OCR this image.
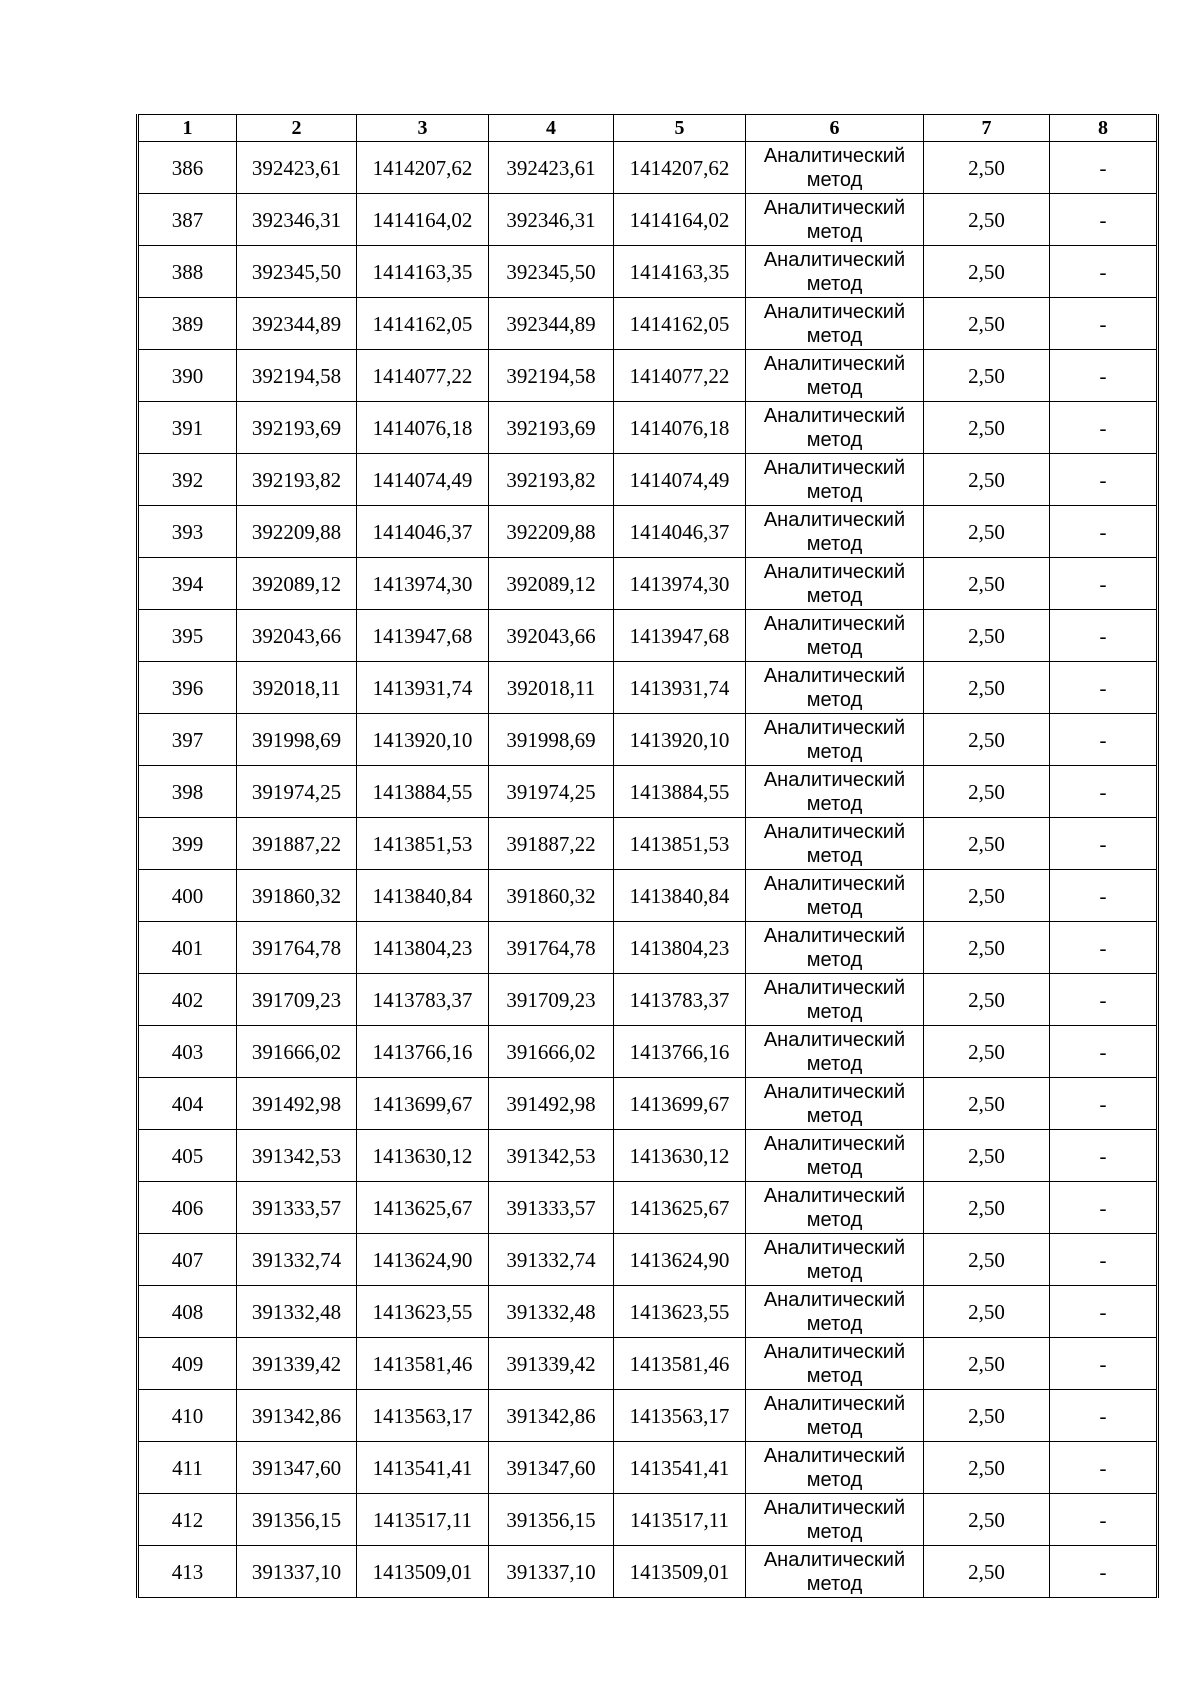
1	2	3	4	5	6	7	8
386	392423,61	1414207,62	392423,61	1414207,62	Аналитический
метод	2,50	-
387	392346,31	1414164,02	392346,31	1414164,02	Аналитический
метод	2,50	-
388	392345,50	1414163,35	392345,50	1414163,35	Аналитический
метод	2,50	-
389	392344,89	1414162,05	392344,89	1414162,05	Аналитический
метод	2,50	-
390	392194,58	1414077,22	392194,58	1414077,22	Аналитический
метод	2,50	-
391	392193,69	1414076,18	392193,69	1414076,18	Аналитический
метод	2,50	-
392	392193,82	1414074,49	392193,82	1414074,49	Аналитический
метод	2,50	-
393	392209,88	1414046,37	392209,88	1414046,37	Аналитический
метод	2,50	-
394	392089,12	1413974,30	392089,12	1413974,30	Аналитический
метод	2,50	-
395	392043,66	1413947,68	392043,66	1413947,68	Аналитический
метод	2,50	-
396	392018,11	1413931,74	392018,11	1413931,74	Аналитический
метод	2,50	-
397	391998,69	1413920,10	391998,69	1413920,10	Аналитический
метод	2,50	-
398	391974,25	1413884,55	391974,25	1413884,55	Аналитический
метод	2,50	-
399	391887,22	1413851,53	391887,22	1413851,53	Аналитический
метод	2,50	-
400	391860,32	1413840,84	391860,32	1413840,84	Аналитический
метод	2,50	-
401	391764,78	1413804,23	391764,78	1413804,23	Аналитический
метод	2,50	-
402	391709,23	1413783,37	391709,23	1413783,37	Аналитический
метод	2,50	-
403	391666,02	1413766,16	391666,02	1413766,16	Аналитический
метод	2,50	-
404	391492,98	1413699,67	391492,98	1413699,67	Аналитический
метод	2,50	-
405	391342,53	1413630,12	391342,53	1413630,12	Аналитический
метод	2,50	-
406	391333,57	1413625,67	391333,57	1413625,67	Аналитический
метод	2,50	-
407	391332,74	1413624,90	391332,74	1413624,90	Аналитический
метод	2,50	-
408	391332,48	1413623,55	391332,48	1413623,55	Аналитический
метод	2,50	-
409	391339,42	1413581,46	391339,42	1413581,46	Аналитический
метод	2,50	-
410	391342,86	1413563,17	391342,86	1413563,17	Аналитический
метод	2,50	-
411	391347,60	1413541,41	391347,60	1413541,41	Аналитический
метод	2,50	-
412	391356,15	1413517,11	391356,15	1413517,11	Аналитический
метод	2,50	-
413	391337,10	1413509,01	391337,10	1413509,01	Аналитический
метод	2,50	-
